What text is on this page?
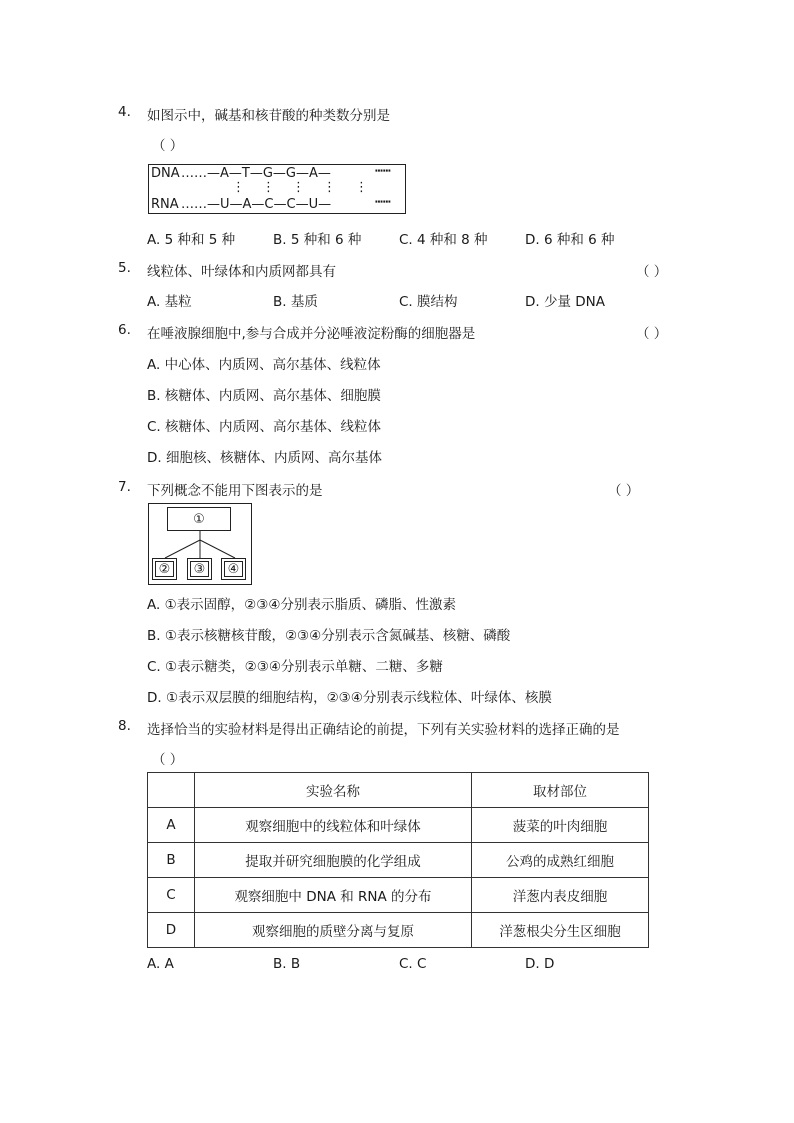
4. 如图示中，碱基和核苷酸的种类数分别是
（ ）
DNA ……—A—T—G—G—A—	┅┅
⋮ ⋮ ⋮ ⋮ ⋮
RNA ……—U—A—C—C—U—	┅┅
A. 5 种和 5 种	B. 5 种和 6 种	C. 4 种和 8 种	D. 6 种和 6 种
5. 线粒体、叶绿体和内质网都具有	（ ）
A. 基粒	B. 基质	C. 膜结构	D. 少量 DNA
6. 在唾液腺细胞中,参与合成并分泌唾液淀粉酶的细胞器是	（ ）
A. 中心体、内质网、高尔基体、线粒体
B. 核糖体、内质网、高尔基体、细胞膜
C. 核糖体、内质网、高尔基体、线粒体
D. 细胞核、核糖体、内质网、高尔基体
7. 下列概念不能用下图表示的是	（ ）
①
② ③ ④
A. ①表示固醇，②③④分别表示脂质、磷脂、性激素
B. ①表示核糖核苷酸，②③④分别表示含氮碱基、核糖、磷酸
C. ①表示糖类，②③④分别表示单糖、二糖、多糖
D. ①表示双层膜的细胞结构，②③④分别表示线粒体、叶绿体、核膜
8. 选择恰当的实验材料是得出正确结论的前提，下列有关实验材料的选择正确的是
（ ）
	实验名称	取材部位
A	观察细胞中的线粒体和叶绿体	菠菜的叶肉细胞
B	提取并研究细胞膜的化学组成	公鸡的成熟红细胞
C	观察细胞中 DNA 和 RNA 的分布	洋葱内表皮细胞
D	观察细胞的质壁分离与复原	洋葱根尖分生区细胞
A. A	B. B	C. C	D. D
